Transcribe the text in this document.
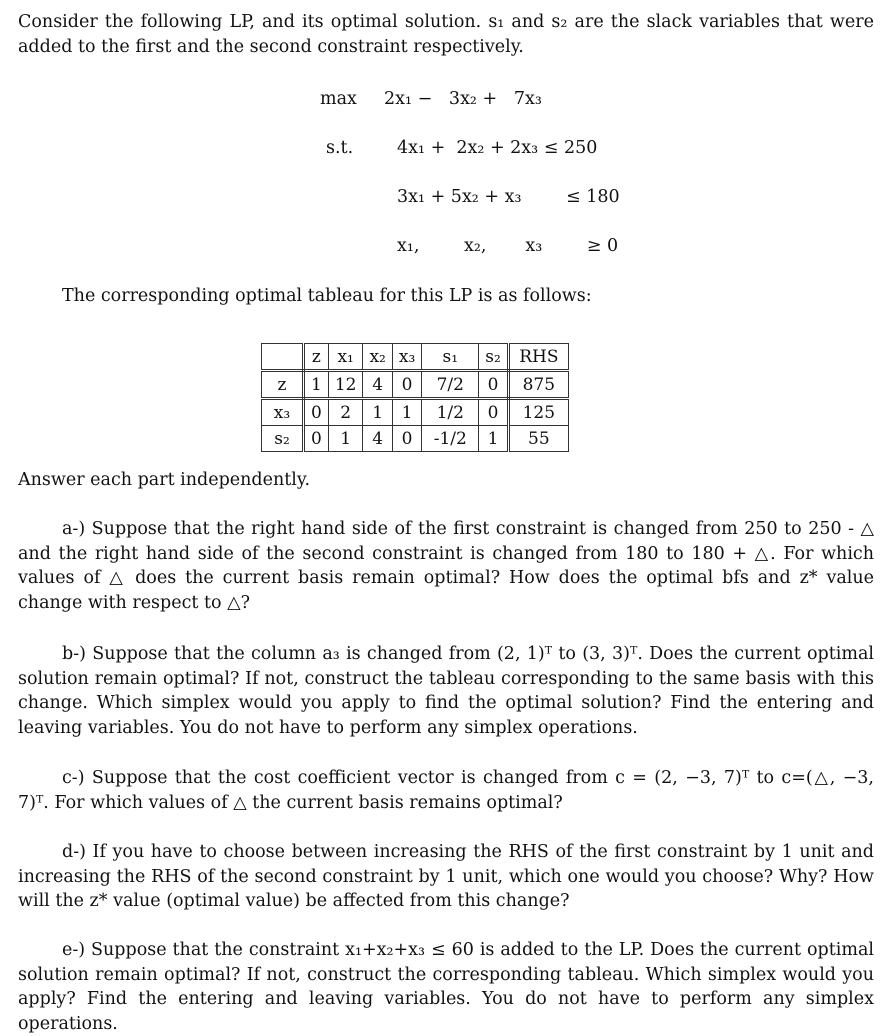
Consider the following LP, and its optimal solution. s₁ and s₂ are the slack variables that were added to the first and the second constraint respectively.

max 2x₁ −   3x₂ +   7x₃
s.t.	4x₁ +  2x₂ + 2x₃ ≤ 250
3x₁ + 5x₂ + x₃        ≤ 180
x₁,        x₂,       x₃        ≥ 0

The corresponding optimal tableau for this LP is as follows:

	z	x₁	x₂	x₃	s₁	s₂	RHS
z	1	12	4	0	7/2	0	875
x₃	0	2	1	1	1/2	0	125
s₂	0	1	4	0	-1/2	1	55

Answer each part independently.

a-) Suppose that the right hand side of the first constraint is changed from 250 to 250 - △ and the right hand side of the second constraint is changed from 180 to 180 + △. For which values of △ does the current basis remain optimal? How does the optimal bfs and z* value change with respect to △?

b-) Suppose that the column a₃ is changed from (2, 1)ᵀ to (3, 3)ᵀ. Does the current optimal solution remain optimal? If not, construct the tableau corresponding to the same basis with this change. Which simplex would you apply to find the optimal solution? Find the entering and leaving variables. You do not have to perform any simplex operations.

c-) Suppose that the cost coefficient vector is changed from c = (2, −3, 7)ᵀ to c=(△, −3, 7)ᵀ. For which values of △ the current basis remains optimal?

d-) If you have to choose between increasing the RHS of the first constraint by 1 unit and increasing the RHS of the second constraint by 1 unit, which one would you choose? Why? How will the z* value (optimal value) be affected from this change?

e-) Suppose that the constraint x₁+x₂+x₃ ≤ 60 is added to the LP. Does the current optimal solution remain optimal? If not, construct the corresponding tableau. Which simplex would you apply? Find the entering and leaving variables. You do not have to perform any simplex operations.
